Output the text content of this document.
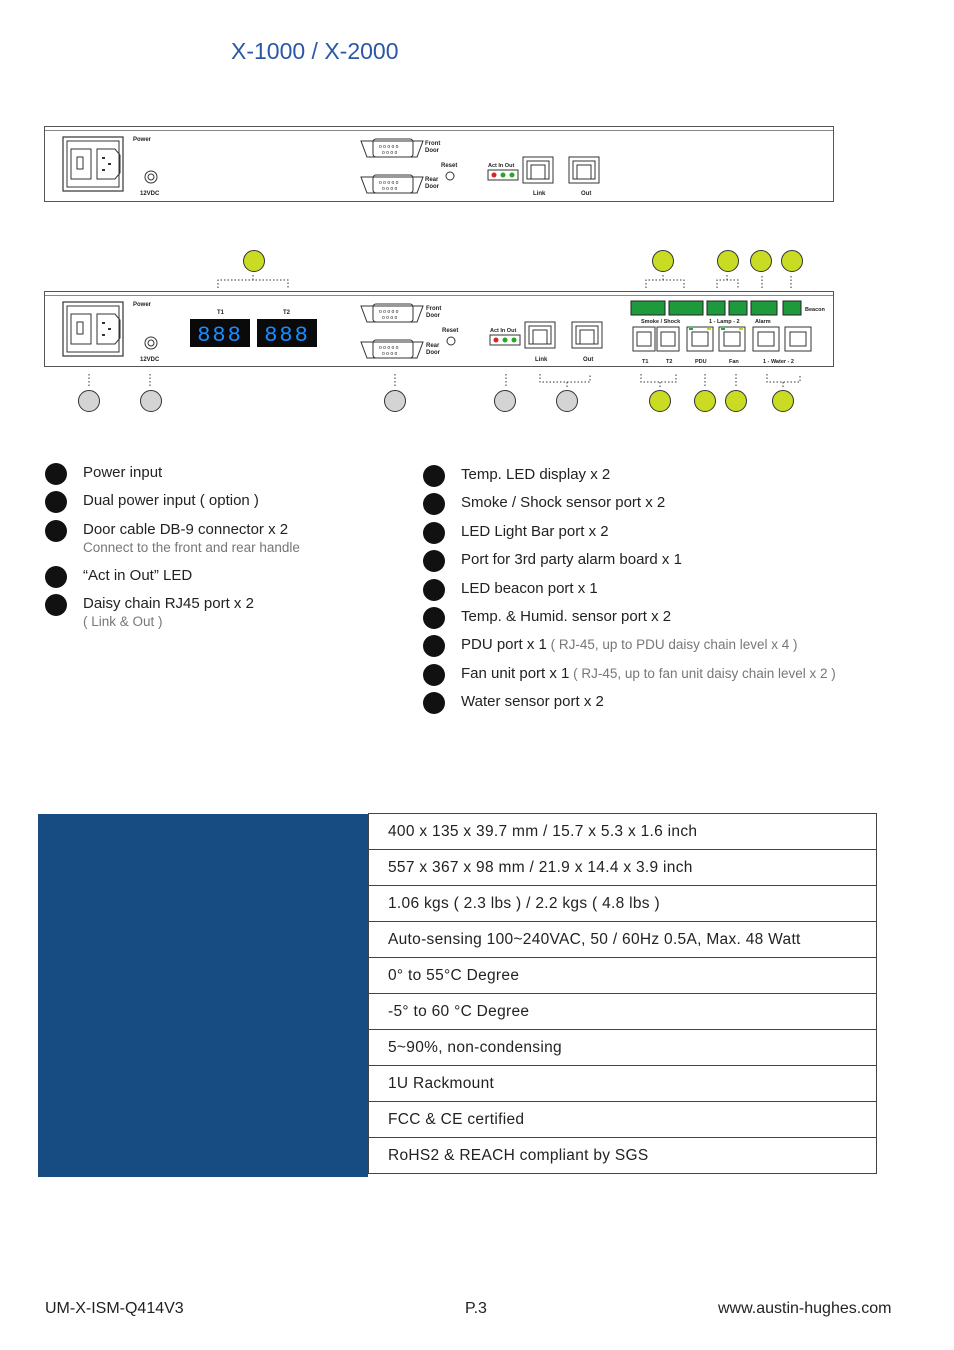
X-1000 / X-2000
Power
12VDC
o o o o o
o o o o
Front
Door
Reset
o o o o o
o o o o
Rear
Door
Act In Out
Link	Out
Power
12VDC
T1	T2
888 888
o o o o o
o o o o
Front
Door
Reset
o o o o o
o o o o
Rear
Door
Act In Out
Link	Out
Beacon
Smoke / Shock	1 - Lamp - 2	Alarm
T1	T2	PDU	Fan	1 - Water - 2
Power input
Dual power input ( option )
Door cable DB-9 connector x 2
Connect to the front and rear handle
“Act in Out” LED
Daisy chain RJ45 port x 2
( Link & Out )
Temp. LED display x 2
Smoke / Shock sensor port x 2
LED Light Bar port x 2
Port for 3rd party alarm board x 1
LED beacon port x 1
Temp. & Humid. sensor port x 2
PDU port x 1 ( RJ-45, up to PDU daisy chain level x 4 )
Fan unit port x 1 ( RJ-45, up to fan unit daisy chain level x 2 )
Water sensor port x 2
400 x 135 x 39.7 mm / 15.7 x 5.3 x 1.6 inch
557 x 367 x 98 mm / 21.9 x 14.4 x 3.9 inch
1.06 kgs ( 2.3 lbs ) / 2.2 kgs ( 4.8 lbs )
Auto-sensing 100~240VAC, 50 / 60Hz 0.5A, Max. 48 Watt
0° to 55°C Degree
-5° to 60 °C Degree
5~90%, non-condensing
1U Rackmount
FCC & CE certified
RoHS2 & REACH compliant by SGS
UM-X-ISM-Q414V3	P.3	www.austin-hughes.com
